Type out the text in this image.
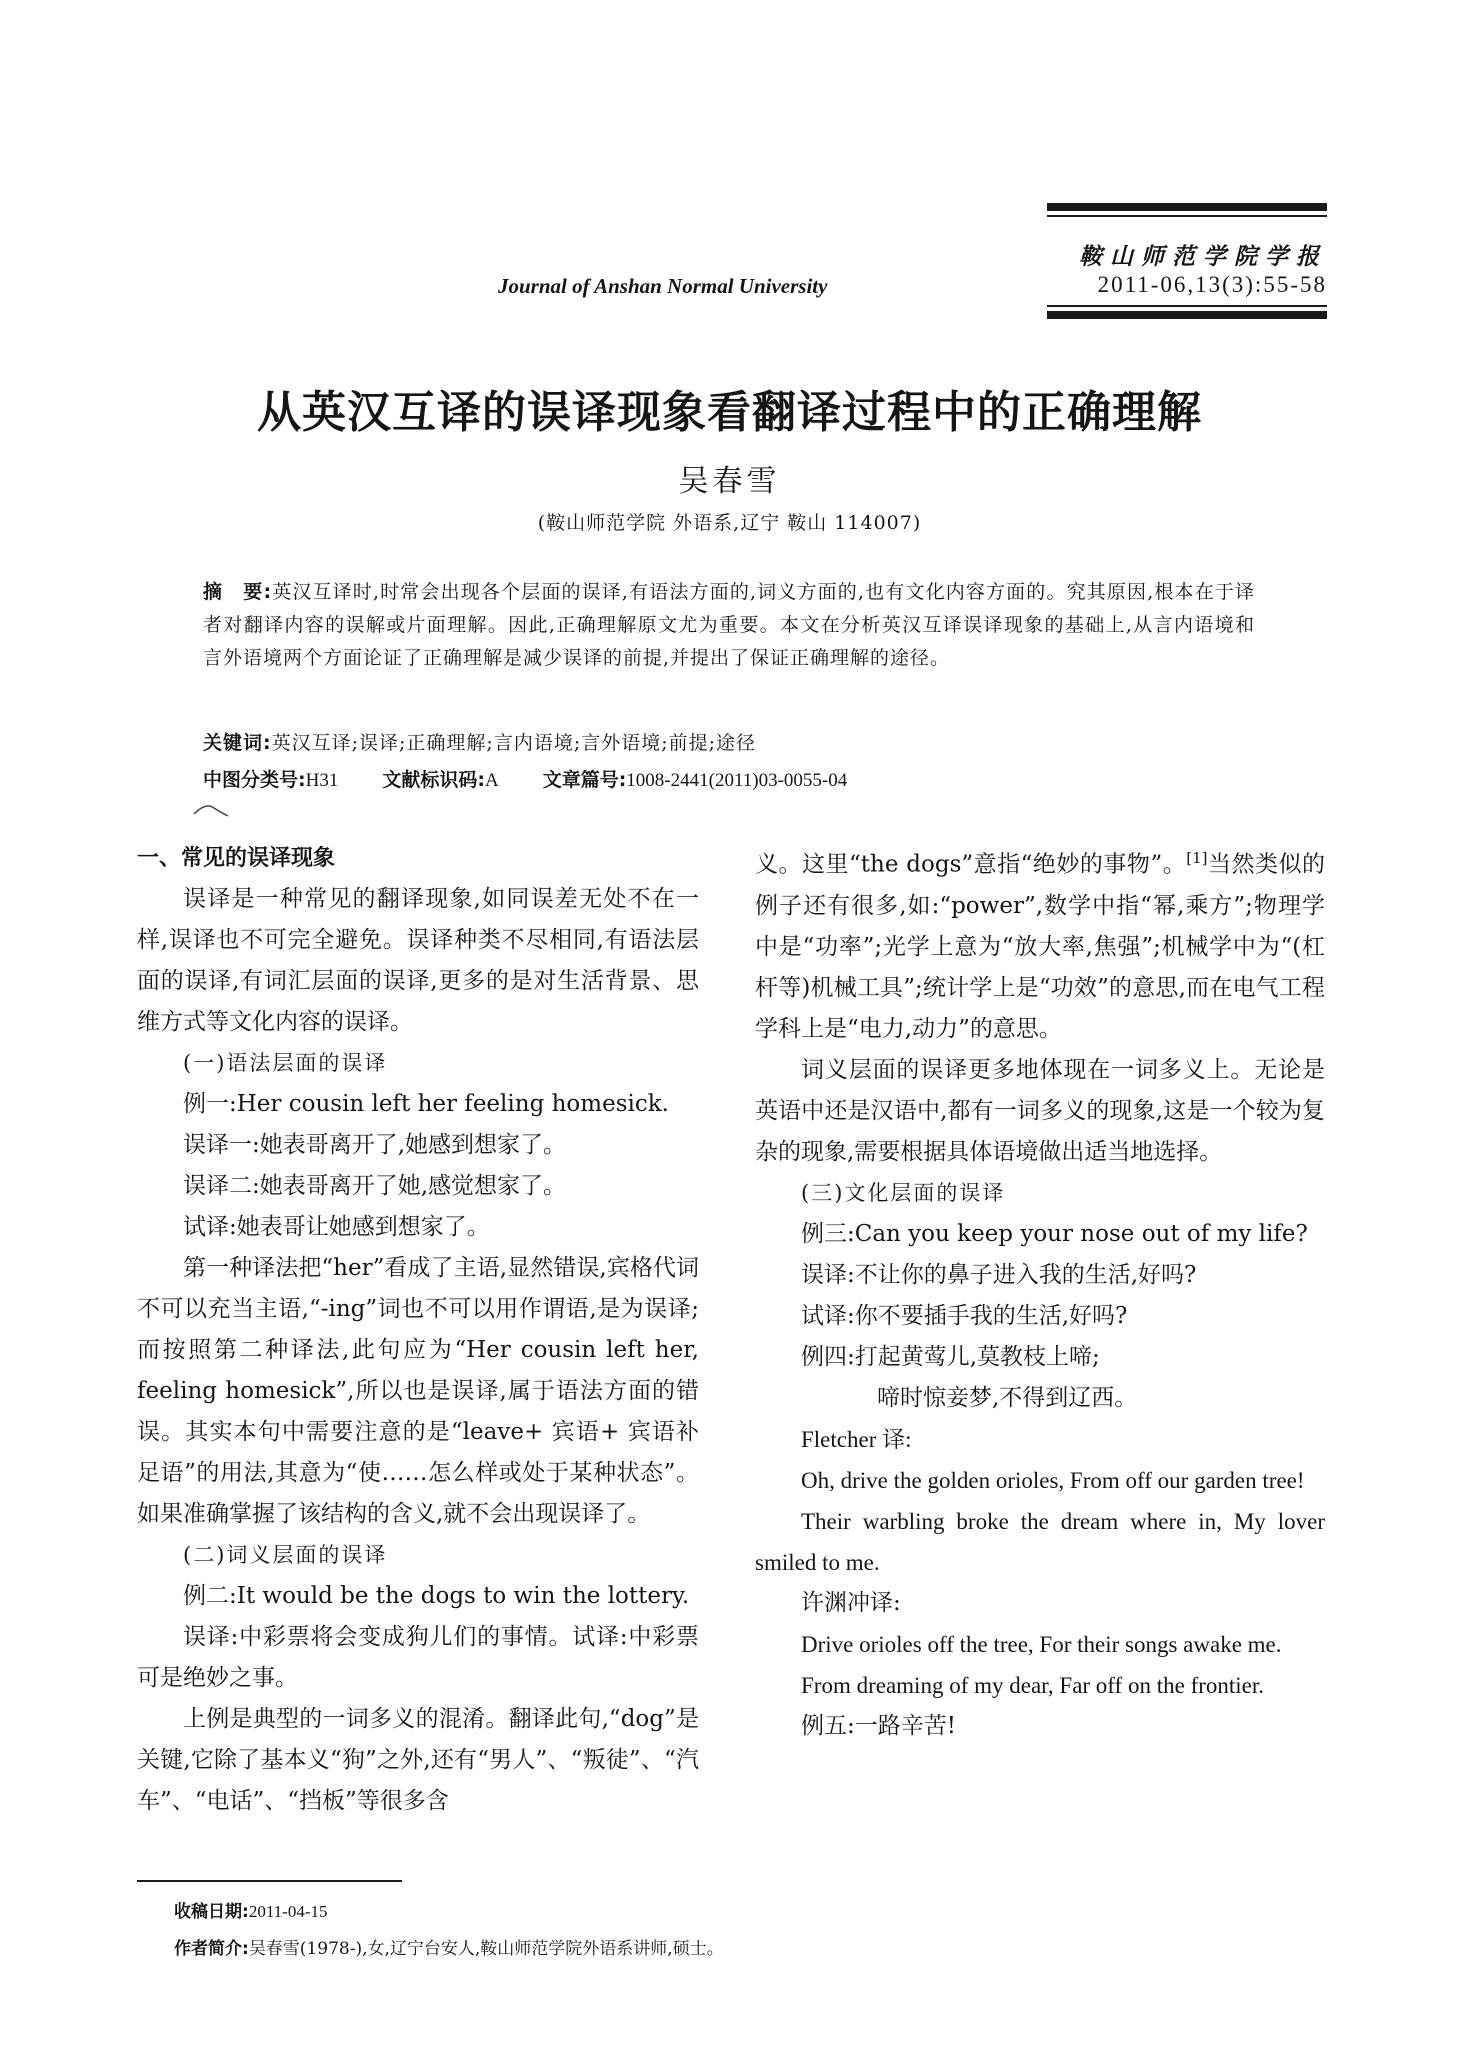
鞍山师范学院学报
Journal of Anshan Normal University	2011-06,13(3):55-58
从英汉互译的误译现象看翻译过程中的正确理解
吴春雪
(鞍山师范学院 外语系,辽宁 鞍山 114007)
摘　要:英汉互译时,时常会出现各个层面的误译,有语法方面的,词义方面的,也有文化内容方面的。究其原因,根本在于译者对翻译内容的误解或片面理解。因此,正确理解原文尤为重要。本文在分析英汉互译误译现象的基础上,从言内语境和言外语境两个方面论证了正确理解是减少误译的前提,并提出了保证正确理解的途径。
关键词:英汉互译;误译;正确理解;言内语境;言外语境;前提;途径
中图分类号:H31 文献标识码:A 文章篇号:1008-2441(2011)03-0055-04

一、常见的误译现象

误译是一种常见的翻译现象,如同误差无处不在一样,误译也不可完全避免。误译种类不尽相同,有语法层面的误译,有词汇层面的误译,更多的是对生活背景、思维方式等文化内容的误译。

(一)语法层面的误译

例一:Her cousin left her feeling homesick.

误译一:她表哥离开了,她感到想家了。

误译二:她表哥离开了她,感觉想家了。

试译:她表哥让她感到想家了。

第一种译法把“her”看成了主语,显然错误,宾格代词不可以充当主语,“-ing”词也不可以用作谓语,是为误译;而按照第二种译法,此句应为“Her cousin left her, feeling homesick”,所以也是误译,属于语法方面的错误。其实本句中需要注意的是“leave+ 宾语+ 宾语补足语”的用法,其意为“使……怎么样或处于某种状态”。如果准确掌握了该结构的含义,就不会出现误译了。

(二)词义层面的误译

例二:It would be the dogs to win the lottery.

误译:中彩票将会变成狗儿们的事情。试译:中彩票可是绝妙之事。

上例是典型的一词多义的混淆。翻译此句,“dog”是关键,它除了基本义“狗”之外,还有“男人”、“叛徒”、“汽车”、“电话”、“挡板”等很多含

义。这里“the dogs”意指“绝妙的事物”。[1]当然类似的例子还有很多,如:“power”,数学中指“幂,乘方”;物理学中是“功率”;光学上意为“放大率,焦强”;机械学中为“(杠杆等)机械工具”;统计学上是“功效”的意思,而在电气工程学科上是“电力,动力”的意思。

词义层面的误译更多地体现在一词多义上。无论是英语中还是汉语中,都有一词多义的现象,这是一个较为复杂的现象,需要根据具体语境做出适当地选择。

(三)文化层面的误译

例三:Can you keep your nose out of my life?

误译:不让你的鼻子进入我的生活,好吗?

试译:你不要插手我的生活,好吗?

例四:打起黄莺儿,莫教枝上啼;

啼时惊妾梦,不得到辽西。

Fletcher 译:

Oh, drive the golden orioles, From off our garden tree!

Their warbling broke the dream where in, My lover smiled to me.

许渊冲译:

Drive orioles off the tree, For their songs awake me.

From dreaming of my dear, Far off on the frontier.

例五:一路辛苦!

收稿日期:2011-04-15
作者简介:吴春雪(1978-),女,辽宁台安人,鞍山师范学院外语系讲师,硕士。
